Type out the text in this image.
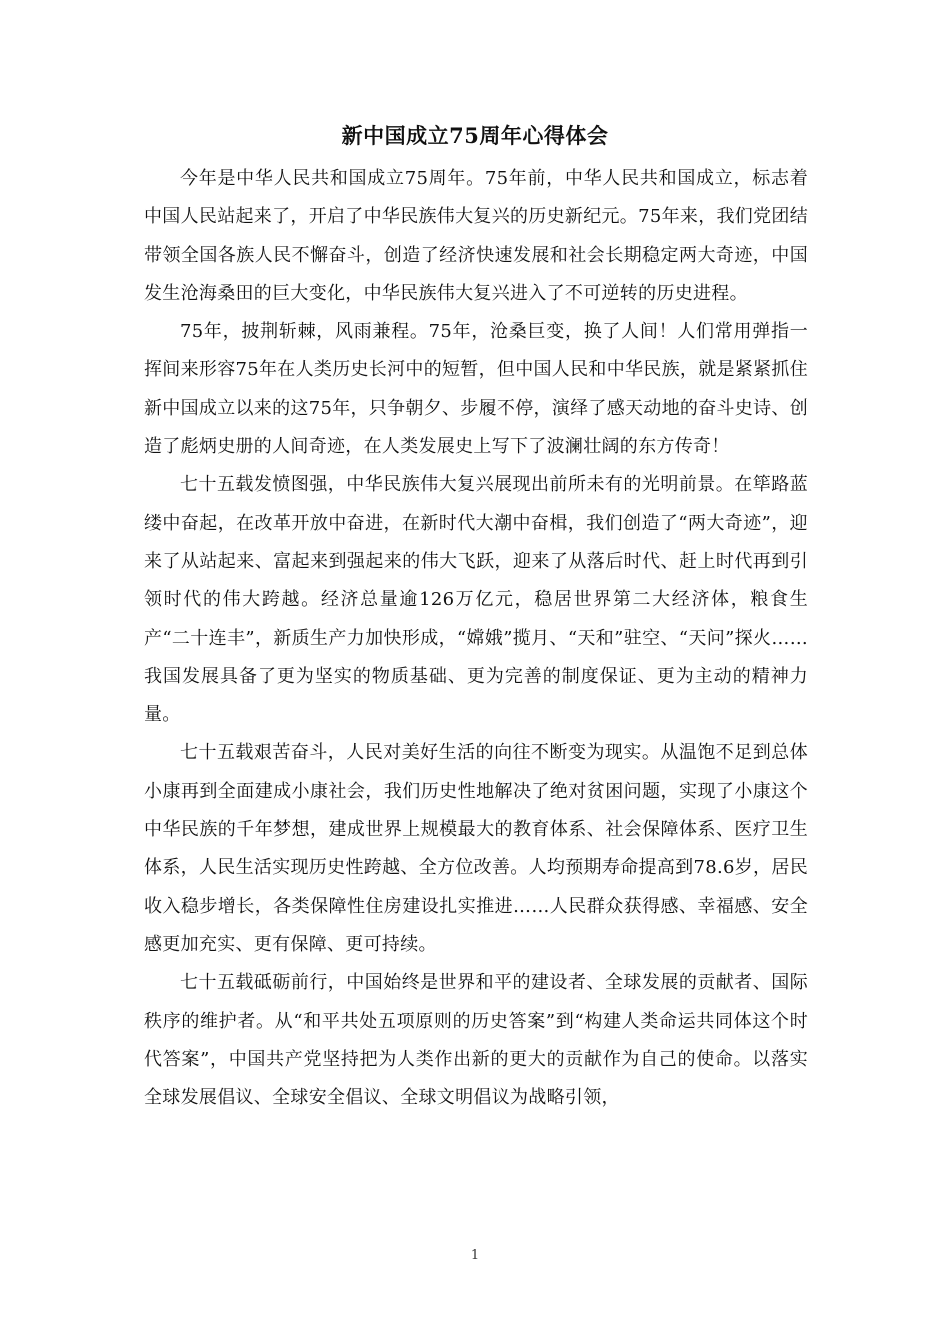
新中国成立75周年心得体会

今年是中华人民共和国成立75周年。75年前，中华人民共和国成立，标志着中国人民站起来了，开启了中华民族伟大复兴的历史新纪元。75年来，我们党团结带领全国各族人民不懈奋斗，创造了经济快速发展和社会长期稳定两大奇迹，中国发生沧海桑田的巨大变化，中华民族伟大复兴进入了不可逆转的历史进程。

75年，披荆斩棘，风雨兼程。75年，沧桑巨变，换了人间！人们常用弹指一挥间来形容75年在人类历史长河中的短暂，但中国人民和中华民族，就是紧紧抓住新中国成立以来的这75年，只争朝夕、步履不停，演绎了感天动地的奋斗史诗、创造了彪炳史册的人间奇迹，在人类发展史上写下了波澜壮阔的东方传奇！

七十五载发愤图强，中华民族伟大复兴展现出前所未有的光明前景。在筚路蓝缕中奋起，在改革开放中奋进，在新时代大潮中奋楫，我们创造了“两大奇迹”，迎来了从站起来、富起来到强起来的伟大飞跃，迎来了从落后时代、赶上时代再到引领时代的伟大跨越。经济总量逾126万亿元，稳居世界第二大经济体，粮食生产“二十连丰”，新质生产力加快形成，“嫦娥”揽月、“天和”驻空、“天问”探火……我国发展具备了更为坚实的物质基础、更为完善的制度保证、更为主动的精神力量。

七十五载艰苦奋斗，人民对美好生活的向往不断变为现实。从温饱不足到总体小康再到全面建成小康社会，我们历史性地解决了绝对贫困问题，实现了小康这个中华民族的千年梦想，建成世界上规模最大的教育体系、社会保障体系、医疗卫生体系，人民生活实现历史性跨越、全方位改善。人均预期寿命提高到78.6岁，居民收入稳步增长，各类保障性住房建设扎实推进……人民群众获得感、幸福感、安全感更加充实、更有保障、更可持续。

七十五载砥砺前行，中国始终是世界和平的建设者、全球发展的贡献者、国际秩序的维护者。从“和平共处五项原则的历史答案”到“构建人类命运共同体这个时代答案”，中国共产党坚持把为人类作出新的更大的贡献作为自己的使命。以落实全球发展倡议、全球安全倡议、全球文明倡议为战略引领，

1
